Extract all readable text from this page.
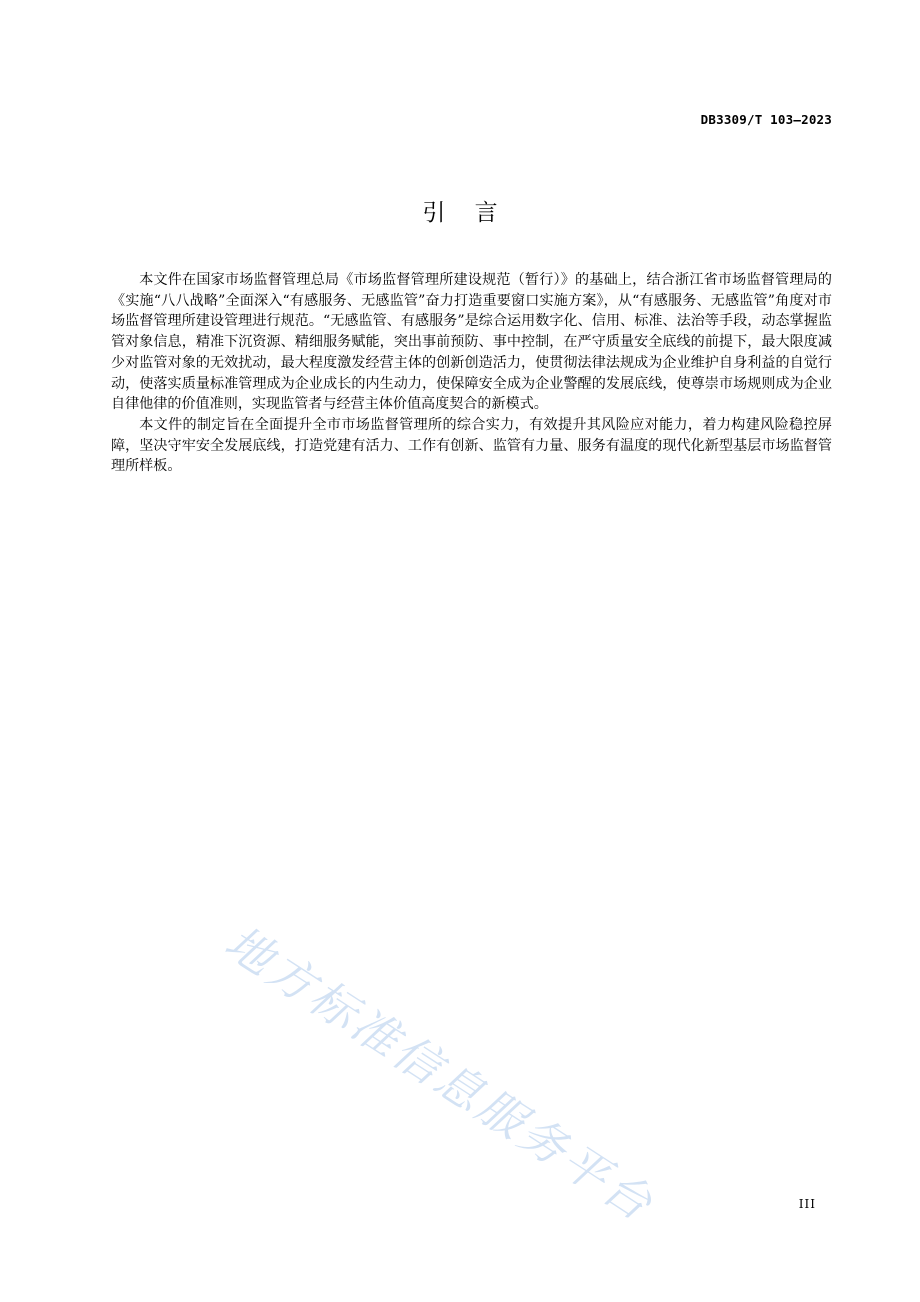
DB3309/T 103—2023
引    言

本文件在国家市场监督管理总局《市场监督管理所建设规范（暂行）》的基础上，结合浙江省市场监督管理局的《实施“八八战略”全面深入“有感服务、无感监管”奋力打造重要窗口实施方案》，从“有感服务、无感监管”角度对市场监督管理所建设管理进行规范。“无感监管、有感服务”是综合运用数字化、信用、标准、法治等手段，动态掌握监管对象信息，精准下沉资源、精细服务赋能，突出事前预防、事中控制，在严守质量安全底线的前提下，最大限度减少对监管对象的无效扰动，最大程度激发经营主体的创新创造活力，使贯彻法律法规成为企业维护自身利益的自觉行动，使落实质量标准管理成为企业成长的内生动力，使保障安全成为企业警醒的发展底线，使尊崇市场规则成为企业自律他律的价值准则，实现监管者与经营主体价值高度契合的新模式。

本文件的制定旨在全面提升全市市场监督管理所的综合实力，有效提升其风险应对能力，着力构建风险稳控屏障，坚决守牢安全发展底线，打造党建有活力、工作有创新、监管有力量、服务有温度的现代化新型基层市场监督管理所样板。

地方标准信息服务平台	III
